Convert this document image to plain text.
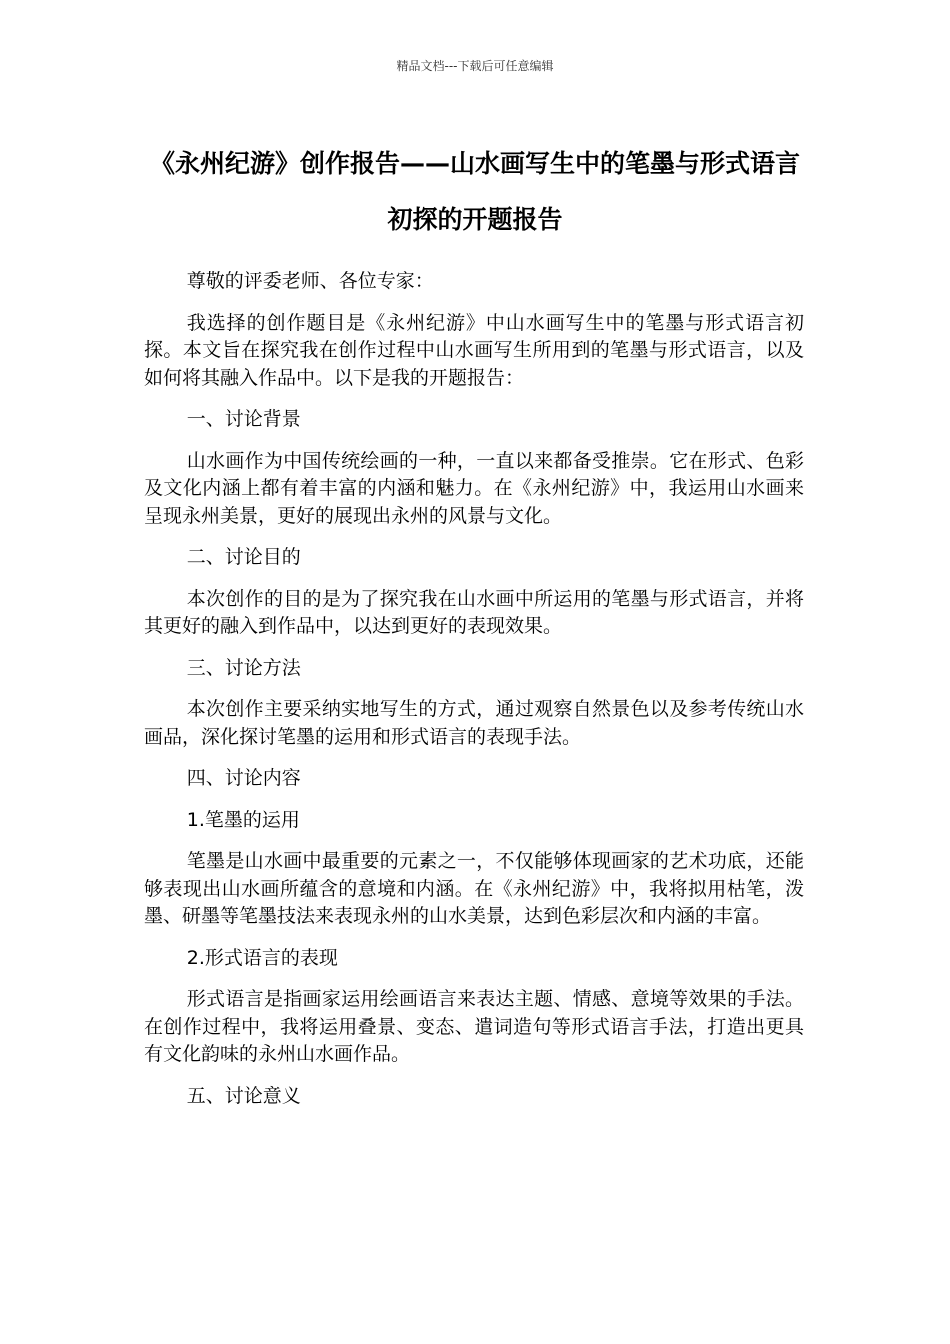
精品文档---下载后可任意编辑
《永州纪游》创作报告——山水画写生中的笔墨与形式语言初探的开题报告

尊敬的评委老师、各位专家：

我选择的创作题目是《永州纪游》中山水画写生中的笔墨与形式语言初探。本文旨在探究我在创作过程中山水画写生所用到的笔墨与形式语言，以及如何将其融入作品中。以下是我的开题报告：

一、讨论背景

山水画作为中国传统绘画的一种，一直以来都备受推崇。它在形式、色彩及文化内涵上都有着丰富的内涵和魅力。在《永州纪游》中，我运用山水画来呈现永州美景，更好的展现出永州的风景与文化。

二、讨论目的

本次创作的目的是为了探究我在山水画中所运用的笔墨与形式语言，并将其更好的融入到作品中，以达到更好的表现效果。

三、讨论方法

本次创作主要采纳实地写生的方式，通过观察自然景色以及参考传统山水画品，深化探讨笔墨的运用和形式语言的表现手法。

四、讨论内容

1.笔墨的运用

笔墨是山水画中最重要的元素之一，不仅能够体现画家的艺术功底，还能够表现出山水画所蕴含的意境和内涵。在《永州纪游》中，我将拟用枯笔，泼墨、研墨等笔墨技法来表现永州的山水美景，达到色彩层次和内涵的丰富。

2.形式语言的表现

形式语言是指画家运用绘画语言来表达主题、情感、意境等效果的手法。在创作过程中，我将运用叠景、变态、遣词造句等形式语言手法，打造出更具有文化韵味的永州山水画作品。

五、讨论意义
